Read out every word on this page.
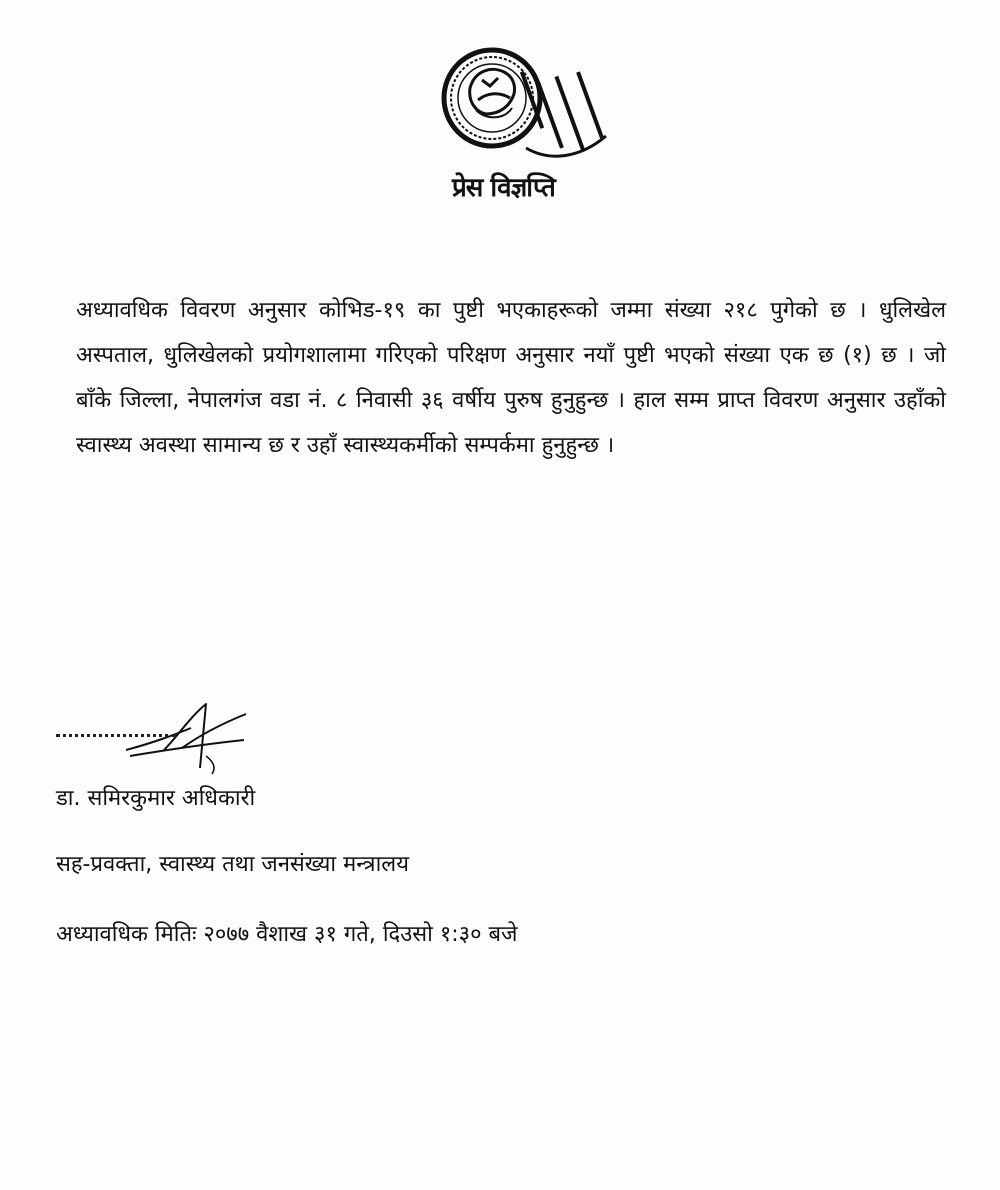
प्रेस विज्ञप्ति
अध्यावधिक विवरण अनुसार कोभिड-१९ का पुष्टी भएकाहरूको जम्मा संख्या २१८ पुगेको छ । धुलिखेल अस्पताल, धुलिखेलको प्रयोगशालामा गरिएको परिक्षण अनुसार नयाँ पुष्टी भएको संख्या एक छ (१) छ । जो बाँके जिल्ला, नेपालगंज वडा नं. ८ निवासी ३६ वर्षीय पुरुष हुनुहुन्छ । हाल सम्म प्राप्त विवरण अनुसार उहाँको स्वास्थ्य अवस्था सामान्य छ र उहाँ स्वास्थ्यकर्मीको सम्पर्कमा हुनुहुन्छ ।
डा. समिरकुमार अधिकारी
सह-प्रवक्ता, स्वास्थ्य तथा जनसंख्या मन्त्रालय
अध्यावधिक मितिः २०७७ वैशाख ३१ गते, दिउसो १:३० बजे
